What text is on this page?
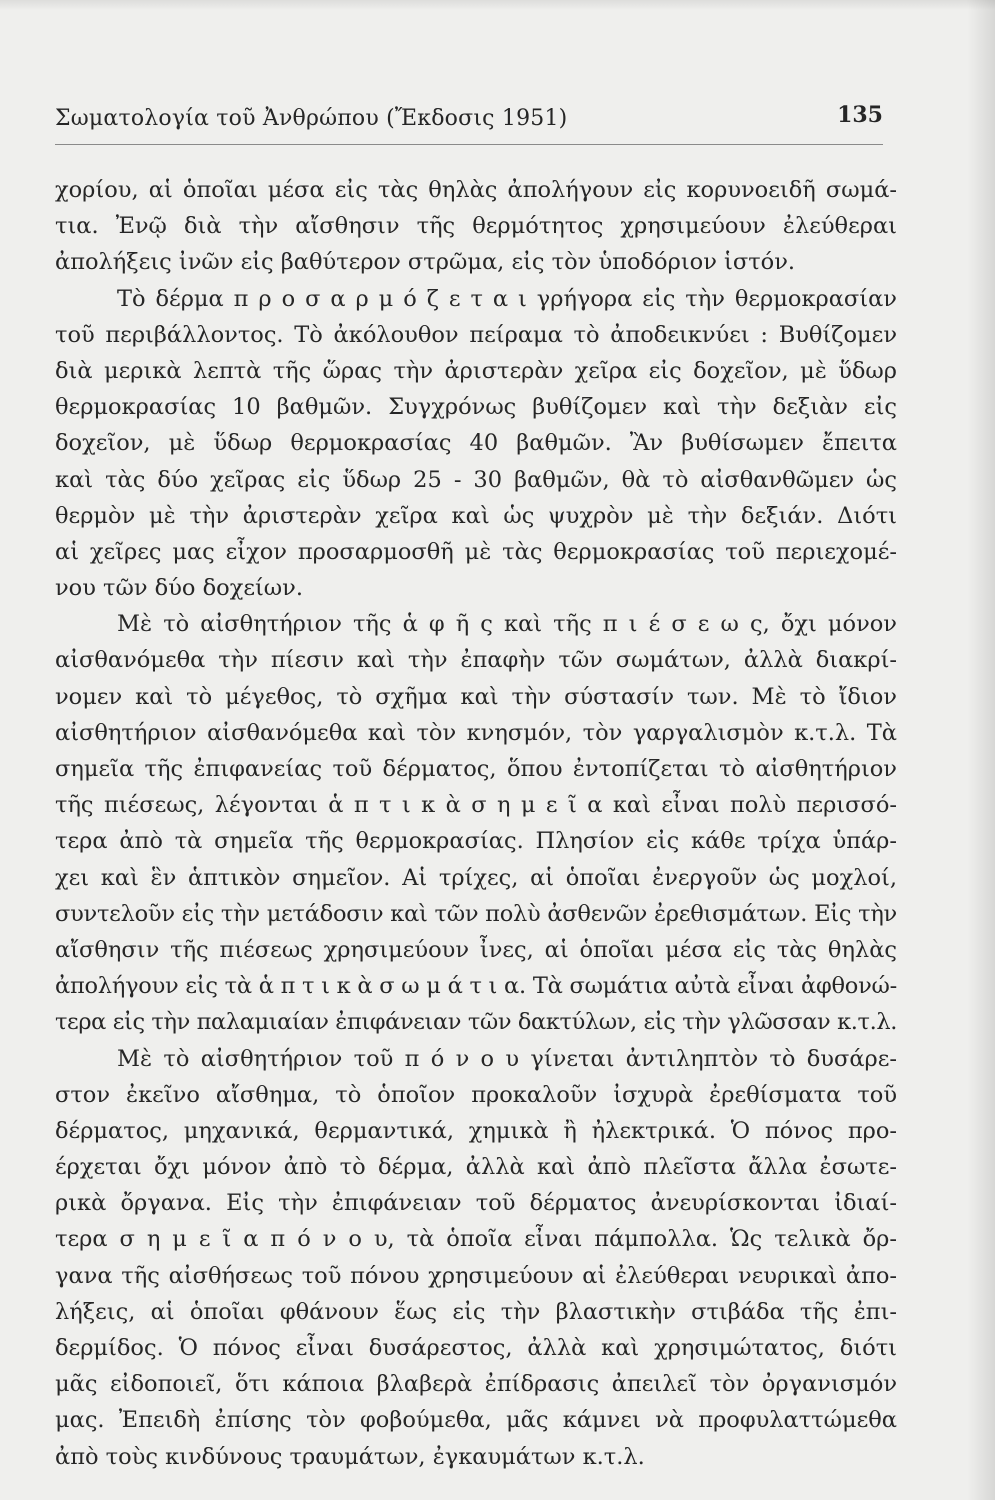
Σωματολογία τοῦ Ἀνθρώπου (Ἔκδοσις 1951)	135
χορίου, αἱ ὁποῖαι μέσα εἰς τὰς θηλὰς ἀπολήγουν εἰς κορυνοειδῆ σωμά-
τια. Ἐνῷ διὰ τὴν αἴσθησιν τῆς θερμότητος χρησιμεύουν ἐλεύθεραι
ἀπολήξεις ἰνῶν εἰς βαθύτερον στρῶμα, εἰς τὸν ὑποδόριον ἱστόν.
Τὸ δέρμα π ρ ο σ α ρ μ ό ζ ε τ α ι γρήγορα εἰς τὴν θερμοκρασίαν
τοῦ περιβάλλοντος. Τὸ ἀκόλουθον πείραμα τὸ ἀποδεικνύει : Βυθίζομεν
διὰ μερικὰ λεπτὰ τῆς ὥρας τὴν ἀριστερὰν χεῖρα εἰς δοχεῖον, μὲ ὕδωρ
θερμοκρασίας 10 βαθμῶν. Συγχρόνως βυθίζομεν καὶ τὴν δεξιὰν εἰς
δοχεῖον, μὲ ὕδωρ θερμοκρασίας 40 βαθμῶν. Ἂν βυθίσωμεν ἔπειτα
καὶ τὰς δύο χεῖρας εἰς ὕδωρ 25 - 30 βαθμῶν, θὰ τὸ αἰσθανθῶμεν ὡς
θερμὸν μὲ τὴν ἀριστερὰν χεῖρα καὶ ὡς ψυχρὸν μὲ τὴν δεξιάν. Διότι
αἱ χεῖρες μας εἶχον προσαρμοσθῆ μὲ τὰς θερμοκρασίας τοῦ περιεχομέ-
νου τῶν δύο δοχείων.
Μὲ τὸ αἰσθητήριον τῆς ἁ φ ῆ ς καὶ τῆς π ι έ σ ε ω ς, ὄχι μόνον
αἰσθανόμεθα τὴν πίεσιν καὶ τὴν ἐπαφὴν τῶν σωμάτων, ἀλλὰ διακρί-
νομεν καὶ τὸ μέγεθος, τὸ σχῆμα καὶ τὴν σύστασίν των. Μὲ τὸ ἴδιον
αἰσθητήριον αἰσθανόμεθα καὶ τὸν κνησμόν, τὸν γαργαλισμὸν κ.τ.λ. Τὰ
σημεῖα τῆς ἐπιφανείας τοῦ δέρματος, ὅπου ἐντοπίζεται τὸ αἰσθητήριον
τῆς πιέσεως, λέγονται ἁ π τ ι κ ὰ σ η μ ε ῖ α καὶ εἶναι πολὺ περισσό-
τερα ἀπὸ τὰ σημεῖα τῆς θερμοκρασίας. Πλησίον εἰς κάθε τρίχα ὑπάρ-
χει καὶ ἓν ἁπτικὸν σημεῖον. Αἱ τρίχες, αἱ ὁποῖαι ἐνεργοῦν ὡς μοχλοί,
συντελοῦν εἰς τὴν μετάδοσιν καὶ τῶν πολὺ ἀσθενῶν ἐρεθισμάτων. Εἰς τὴν
αἴσθησιν τῆς πιέσεως χρησιμεύουν ἶνες, αἱ ὁποῖαι μέσα εἰς τὰς θηλὰς
ἀπολήγουν εἰς τὰ ἁ π τ ι κ ὰ σ ω μ ά τ ι α. Τὰ σωμάτια αὐτὰ εἶναι ἀφθονώ-
τερα εἰς τὴν παλαμιαίαν ἐπιφάνειαν τῶν δακτύλων, εἰς τὴν γλῶσσαν κ.τ.λ.
Μὲ τὸ αἰσθητήριον τοῦ π ό ν ο υ γίνεται ἀντιληπτὸν τὸ δυσάρε-
στον ἐκεῖνο αἴσθημα, τὸ ὁποῖον προκαλοῦν ἰσχυρὰ ἐρεθίσματα τοῦ
δέρματος, μηχανικά, θερμαντικά, χημικὰ ἢ ἠλεκτρικά. Ὁ πόνος προ-
έρχεται ὄχι μόνον ἀπὸ τὸ δέρμα, ἀλλὰ καὶ ἀπὸ πλεῖστα ἄλλα ἐσωτε-
ρικὰ ὄργανα. Εἰς τὴν ἐπιφάνειαν τοῦ δέρματος ἀνευρίσκονται ἰδιαί-
τερα σ η μ ε ῖ α π ό ν ο υ, τὰ ὁποῖα εἶναι πάμπολλα. Ὡς τελικὰ ὄρ-
γανα τῆς αἰσθήσεως τοῦ πόνου χρησιμεύουν αἱ ἐλεύθεραι νευρικαὶ ἀπο-
λήξεις, αἱ ὁποῖαι φθάνουν ἕως εἰς τὴν βλαστικὴν στιβάδα τῆς ἐπι-
δερμίδος. Ὁ πόνος εἶναι δυσάρεστος, ἀλλὰ καὶ χρησιμώτατος, διότι
μᾶς εἰδοποιεῖ, ὅτι κάποια βλαβερὰ ἐπίδρασις ἀπειλεῖ τὸν ὀργανισμόν
μας. Ἐπειδὴ ἐπίσης τὸν φοβούμεθα, μᾶς κάμνει νὰ προφυλαττώμεθα
ἀπὸ τοὺς κινδύνους τραυμάτων, ἐγκαυμάτων κ.τ.λ.
